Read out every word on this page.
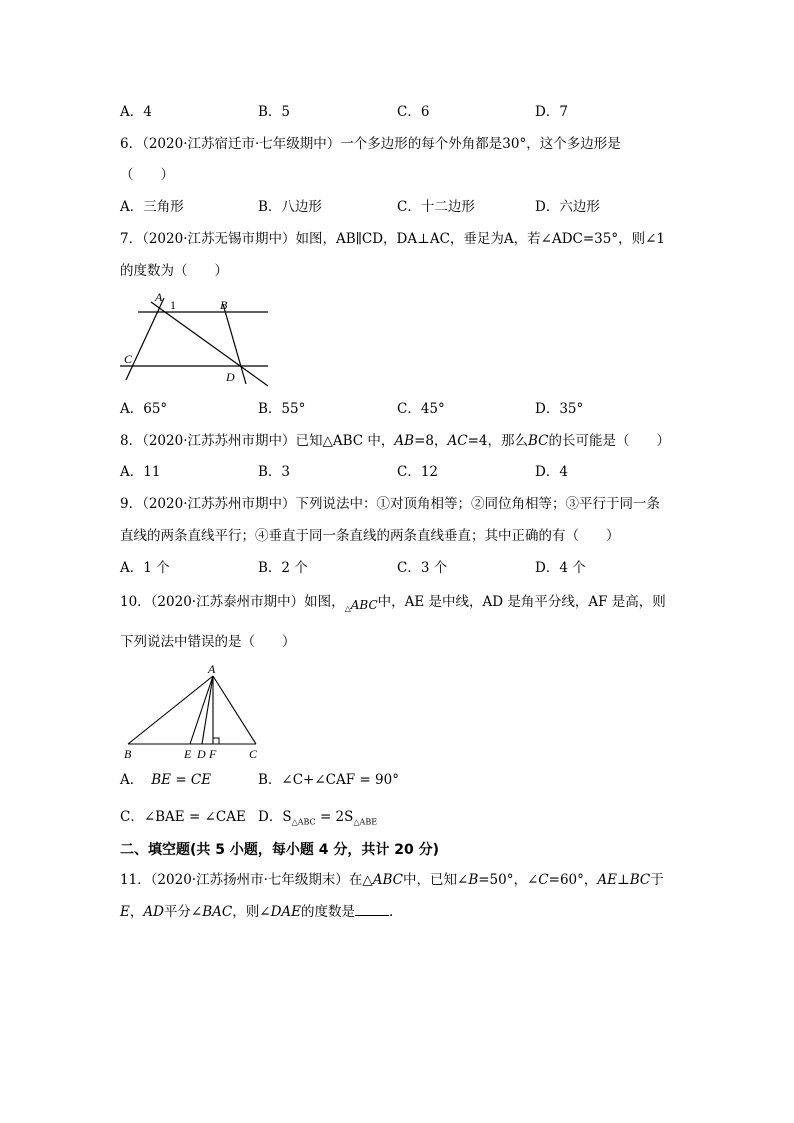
A．4	B．5	C．6	D．7
6．（2020·江苏宿迁市·七年级期中）一个多边形的每个外角都是30°，这个多边形是
（　　）
A．三角形	B．八边形	C．十二边形	D．六边形
7．（2020·江苏无锡市期中）如图，AB∥CD，DA⊥AC，垂足为A，若∠ADC=35°，则∠1
的度数为（　　）
A
1	B
C
D
A．65°	B．55°	C．45°	D．35°
8．（2020·江苏苏州市期中）已知△ABC 中，AB=8，AC=4，那么BC的长可能是（　　）
A．11	B．3	C．12	D．4
9．（2020·江苏苏州市期中）下列说法中：①对顶角相等；②同位角相等；③平行于同一条
直线的两条直线平行；④垂直于同一条直线的两条直线垂直；其中正确的有（　　）
A．1 个	B．2 个	C．3 个	D．4 个
10．（2020·江苏泰州市期中）如图，$_\triangle$ABC中，AE 是中线，AD 是角平分线，AF 是高，则
下列说法中错误的是（　　）
A
B	E D F	C
A． BE = CE	B．∠C+∠CAF = 90°
C．∠BAE = ∠CAE D．$S_{\triangle ABC} = 2S_{\triangle ABE}$
二、填空题(共 5 小题，每小题 4 分，共计 20 分)
11．（2020·江苏扬州市·七年级期末）在△ABC中，已知∠B=50°，∠C=60°，AE⊥BC于
E，AD平分∠BAC，则∠DAE的度数是	.
